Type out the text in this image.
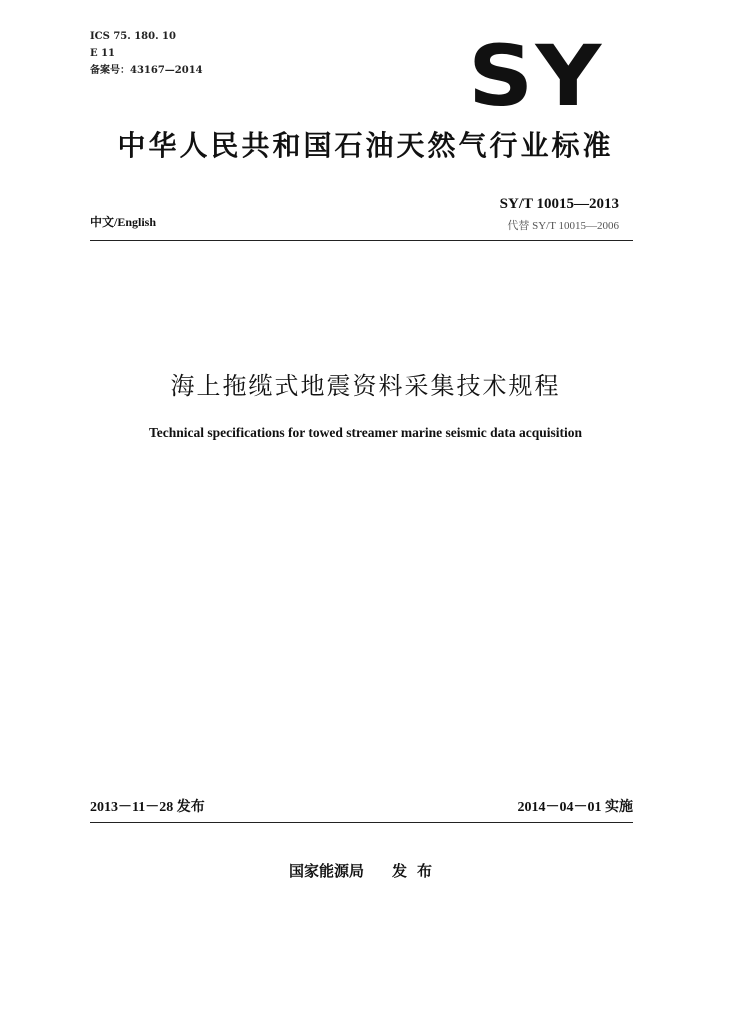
ICS 75. 180. 10
E 11
备案号：43167—2014	SY
中华人民共和国石油天然气行业标准
SY/T 10015—2013
代替 SY/T 10015—2006
中文/English
海上拖缆式地震资料采集技术规程
Technical specifications for towed streamer marine seismic data acquisition
2013－11－28 发布	2014－04－01 实施
国家能源局 发布
